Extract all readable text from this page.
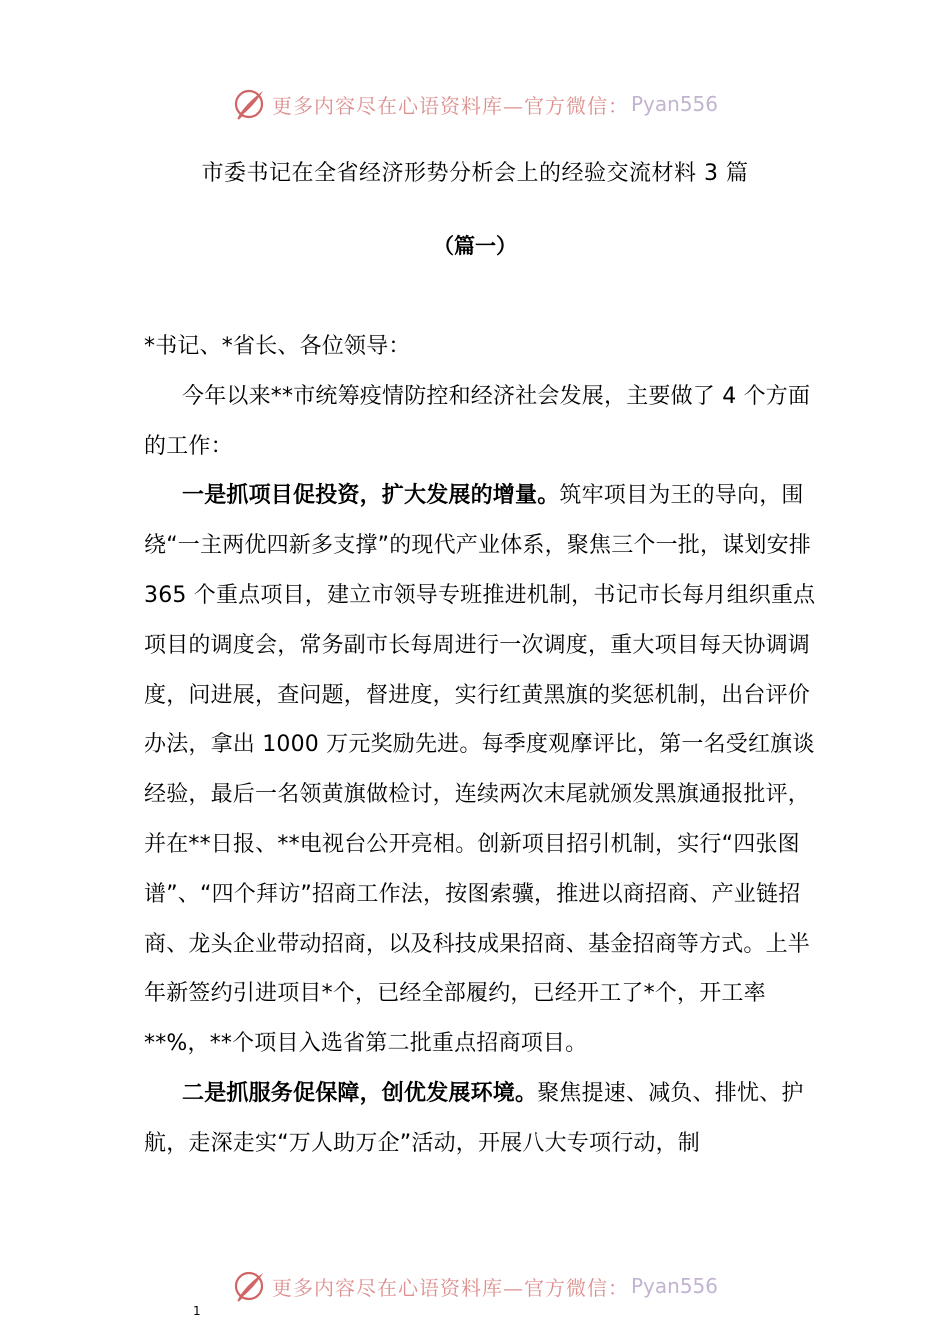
更多内容尽在心语资料库—官方微信： Pyan556
市委书记在全省经济形势分析会上的经验交流材料 3 篇
（篇一）

*书记、*省长、各位领导：

今年以来**市统筹疫情防控和经济社会发展，主要做了 4 个方面的工作：

一是抓项目促投资，扩大发展的增量。筑牢项目为王的导向，围绕“一主两优四新多支撑”的现代产业体系，聚焦三个一批，谋划安排 365 个重点项目，建立市领导专班推进机制，书记市长每月组织重点项目的调度会，常务副市长每周进行一次调度，重大项目每天协调调度，问进展，查问题，督进度，实行红黄黑旗的奖惩机制，出台评价办法，拿出 1000 万元奖励先进。每季度观摩评比，第一名受红旗谈经验，最后一名领黄旗做检讨，连续两次末尾就颁发黑旗通报批评，并在**日报、**电视台公开亮相。创新项目招引机制，实行“四张图谱”、“四个拜访”招商工作法，按图索骥，推进以商招商、产业链招商、龙头企业带动招商，以及科技成果招商、基金招商等方式。上半年新签约引进项目*个，已经全部履约，已经开工了*个，开工率**%，**个项目入选省第二批重点招商项目。

二是抓服务促保障，创优发展环境。聚焦提速、减负、排忧、护航，走深走实“万人助万企”活动，开展八大专项行动，制

更多内容尽在心语资料库—官方微信： Pyan556
1
